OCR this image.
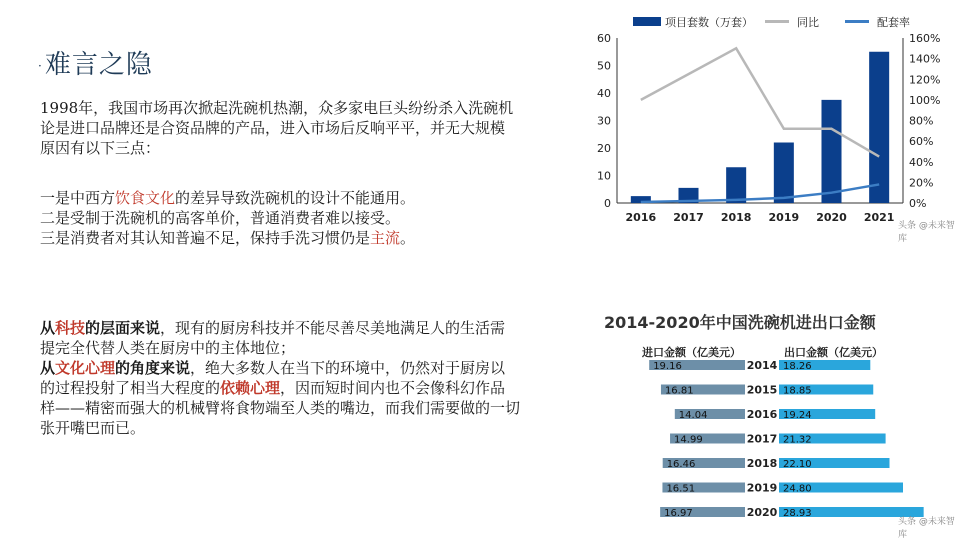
·难言之隐
1998年，我国市场再次掀起洗碗机热潮，众多家电巨头纷纷杀入洗碗机
论是进口品牌还是合资品牌的产品，进入市场后反响平平，并无大规模
原因有以下三点：
一是中西方饮食文化的差异导致洗碗机的设计不能通用。
二是受制于洗碗机的高客单价，普通消费者难以接受。
三是消费者对其认知普遍不足，保持手洗习惯仍是主流。
从科技的层面来说，现有的厨房科技并不能尽善尽美地满足人的生活需
提完全代替人类在厨房中的主体地位；
从文化心理的角度来说，绝大多数人在当下的环境中，仍然对于厨房以
的过程投射了相当大程度的依赖心理，因而短时间内也不会像科幻作品
样——精密而强大的机械臂将食物端至人类的嘴边，而我们需要做的一切
张开嘴巴而已。
0
10
20
30
40
50
60
0%
20%
40%
60%
80%
100%
120%
140%
160%
2016 2017 2018 2019 2020 2021
项目套数（万套）	同比	配套率
2014-2020年中国洗碗机进出口金额
进口金额（亿美元）	出口金额（亿美元）
2014
19.16	18.26
2015
16.81	18.85
2016
14.04	19.24
2017
14.99	21.32
2018
16.46	22.10
2019
16.51	24.80
2020
16.97	28.93
头条 @未来智库
头条 @未来智库
